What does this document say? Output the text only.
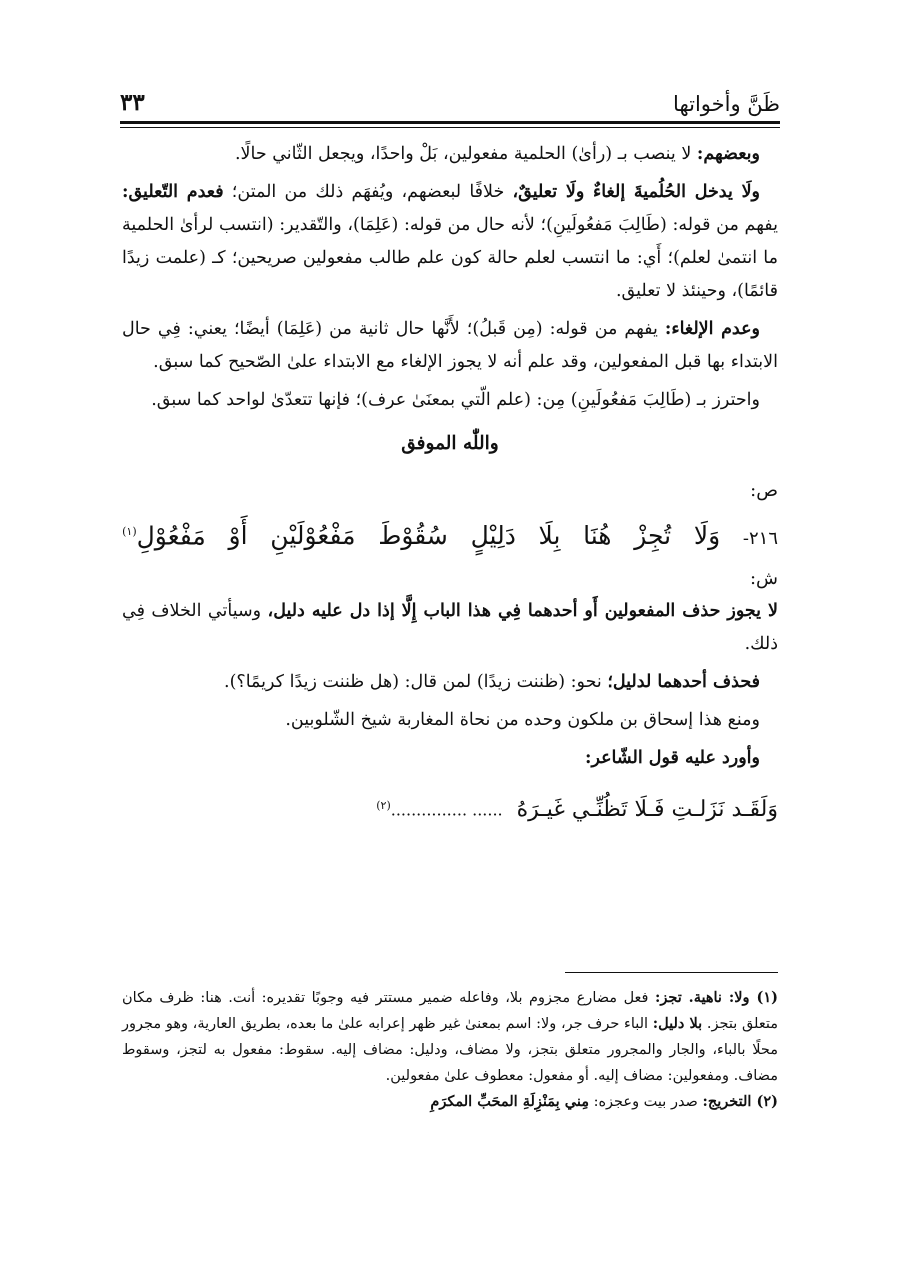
ظَنَّ وأخواتها
٣٣

وبعضهم: لا ينصب بـ (رأىٰ) الحلمية مفعولين، بَلْ واحدًا، ويجعل الثّاني حالًا.

ولَا يدخل الحُلُميةَ إلغاءٌ ولَا تعليقٌ، خلافًا لبعضهم، ويُفهَم ذلك من المتن؛ فعدم التّعليق: يفهم من قوله: (طَالِبَ مَفعُولَينِ)؛ لأنه حال من قوله: (عَلِمَا)، والتّقدير: (انتسب لرأىٰ الحلمية ما انتمىٰ لعلم)؛ أَي: ما انتسب لعلم حالة كون علم طالب مفعولين صريحين؛ كـ (علمت زيدًا قائمًا)، وحينئذ لا تعليق.

وعدم الإلغاء: يفهم من قوله: (مِن قَبلُ)؛ لأَنَّها حال ثانية من (عَلِمَا) أيضًا؛ يعني: فِي حال الابتداء بها قبل المفعولين، وقد علم أنه لا يجوز الإلغاء مع الابتداء علىٰ الصّحيح كما سبق.

واحترز بـ (طَالِبَ مَفعُولَينِ) مِن: (علم الّتي بمعنَىٰ عرف)؛ فإنها تتعدّىٰ لواحد كما سبق.

واللّٰه الموفق

ص:

٢١٦-
وَلَا
تُجِزْ
هُنَا
بِلَا
دَلِيْلٍ
سُقُوْطَ
مَفْعُوْلَيْنِ
أَوْ
مَفْعُوْلِ$^{(١)}$

ش:

لا يجوز حذف المفعولين أَو أحدهما فِي هذا الباب إِلَّا إذا دل عليه دليل، وسيأتي الخلاف فِي ذلك.

فحذف أحدهما لدليل؛ نحو: (ظننت زيدًا) لمن قال: (هل ظننت زيدًا كريمًا؟).

ومنع هذا إسحاق بن ملكون وحده من نحاة المغاربة شيخ الشّلوبين.

وأورد عليه قول الشّاعر:

وَلَقَـد نَزَلـتِ فَـلَا تَظُنِّـي غَيـرَهُ
$^{(٢)}$............... ......

(١) ولا: ناهية. تجز: فعل مضارع مجزوم بلا، وفاعله ضمير مستتر فيه وجوبًا تقديره: أنت. هنا: ظرف مكان متعلق بتجز. بلا دليل: الباء حرف جر، ولا: اسم بمعنىٰ غير ظهر إعرابه علىٰ ما بعده، بطريق العارية، وهو مجرور محلًا بالباء، والجار والمجرور متعلق بتجز، ولا مضاف، ودليل: مضاف إليه. سقوط: مفعول به لتجز، وسقوط مضاف. ومفعولين: مضاف إليه. أو مفعول: معطوف علىٰ مفعولين.

(٢) التخريج: صدر بيت وعجزه: مِني بِمَنْزِلَةِ المحَبِّ المكرَمِ
